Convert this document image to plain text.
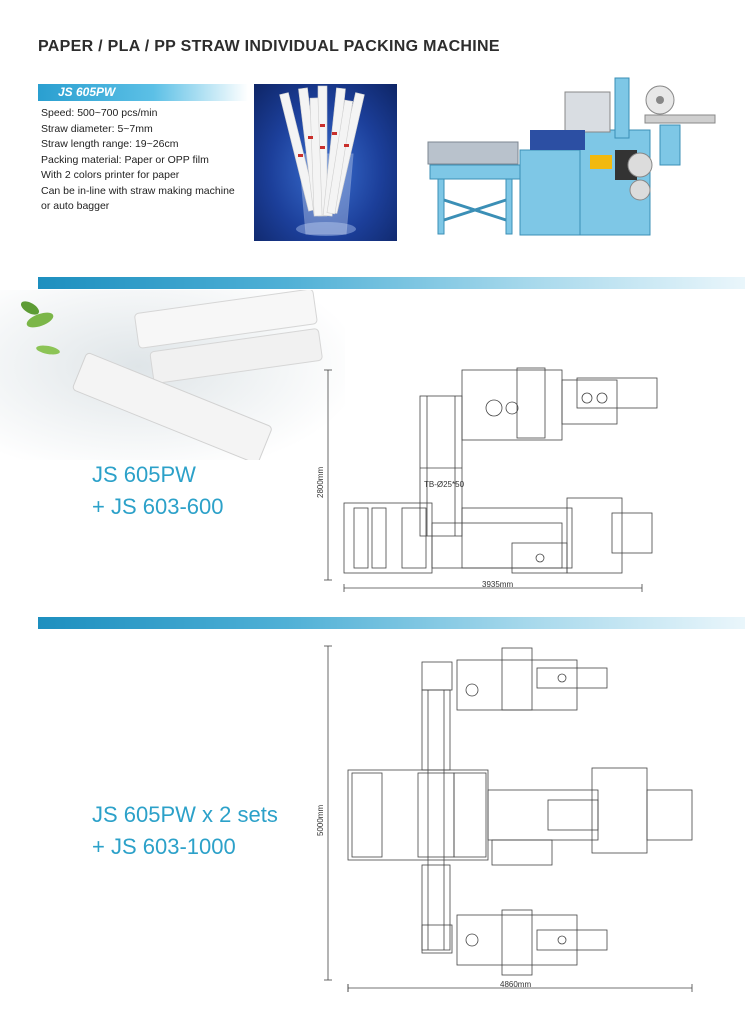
PAPER / PLA / PP STRAW INDIVIDUAL PACKING MACHINE
JS 605PW
Speed: 500~700 pcs/min
Straw diameter: 5~7mm
Straw length range: 19~26cm
Packing material: Paper or OPP film
With 2 colors printer for paper
Can be in-line with straw making machine
or auto bagger
JS 605PW
+ JS 603-600
TB-Ø25*50
2800mm
3935mm
JS 605PW x 2 sets
+ JS 603-1000
5000mm
4860mm
